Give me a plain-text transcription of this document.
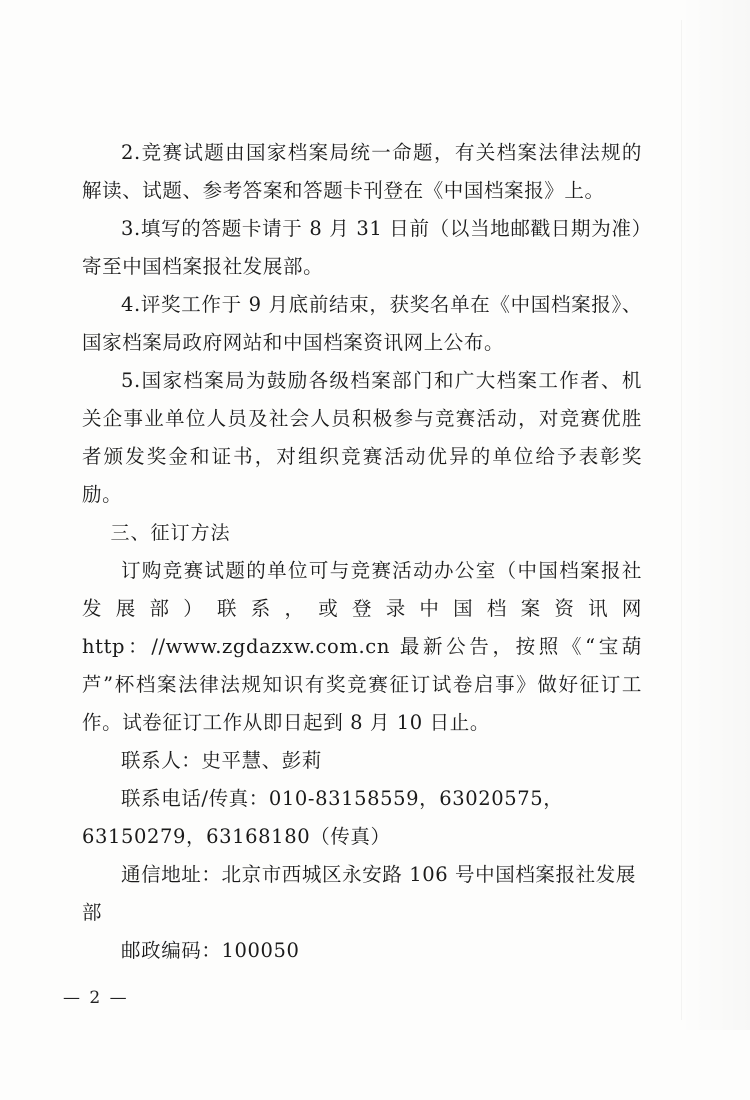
2.竞赛试题由国家档案局统一命题，有关档案法律法规的解读、试题、参考答案和答题卡刊登在《中国档案报》上。

3.填写的答题卡请于 8 月 31 日前（以当地邮戳日期为准）寄至中国档案报社发展部。

4.评奖工作于 9 月底前结束，获奖名单在《中国档案报》、国家档案局政府网站和中国档案资讯网上公布。

5.国家档案局为鼓励各级档案部门和广大档案工作者、机关企事业单位人员及社会人员积极参与竞赛活动，对竞赛优胜者颁发奖金和证书，对组织竞赛活动优异的单位给予表彰奖励。

三、征订方法

订购竞赛试题的单位可与竞赛活动办公室（中国档案报社发展部）联系，或登录中国档案资讯网 http：//www.zgdazxw.com.cn 最新公告，按照《“宝葫芦”杯档案法律法规知识有奖竞赛征订试卷启事》做好征订工作。试卷征订工作从即日起到 8 月 10 日止。

联系人：史平慧、彭莉

联系电话/传真：010-83158559，63020575，63150279，63168180（传真）

通信地址：北京市西城区永安路 106 号中国档案报社发展部

邮政编码：100050

— 2 —
